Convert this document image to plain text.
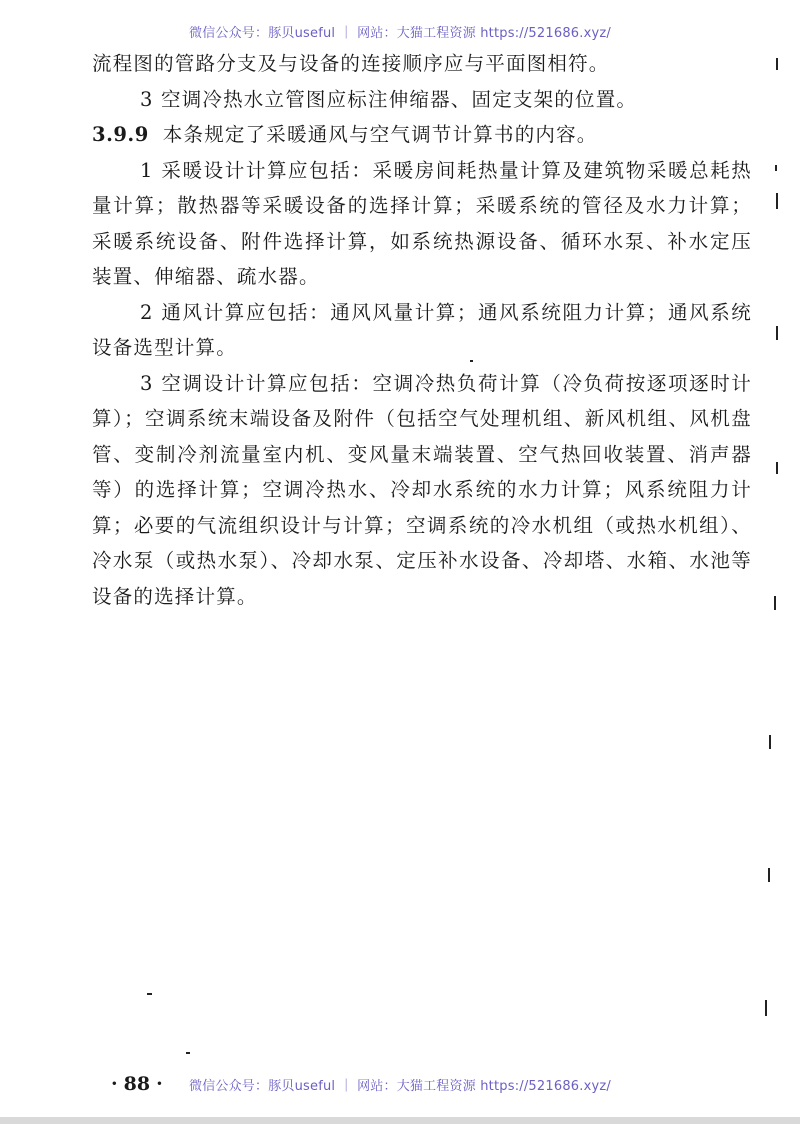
微信公众号：豚贝useful ｜ 网站：大猫工程资源 https://521686.xyz/

流程图的管路分支及与设备的连接顺序应与平面图相符。

3 空调冷热水立管图应标注伸缩器、固定支架的位置。

3.9.9 本条规定了采暖通风与空气调节计算书的内容。

1 采暖设计计算应包括：采暖房间耗热量计算及建筑物采暖总耗热量计算；散热器等采暖设备的选择计算；采暖系统的管径及水力计算；采暖系统设备、附件选择计算，如系统热源设备、循环水泵、补水定压装置、伸缩器、疏水器。

2 通风计算应包括：通风风量计算；通风系统阻力计算；通风系统设备选型计算。

3 空调设计计算应包括：空调冷热负荷计算（冷负荷按逐项逐时计算）；空调系统末端设备及附件（包括空气处理机组、新风机组、风机盘管、变制冷剂流量室内机、变风量末端装置、空气热回收装置、消声器等）的选择计算；空调冷热水、冷却水系统的水力计算；风系统阻力计算；必要的气流组织设计与计算；空调系统的冷水机组（或热水机组）、冷水泵（或热水泵）、冷却水泵、定压补水设备、冷却塔、水箱、水池等设备的选择计算。

· 88 ·	微信公众号：豚贝useful ｜ 网站：大猫工程资源 https://521686.xyz/
